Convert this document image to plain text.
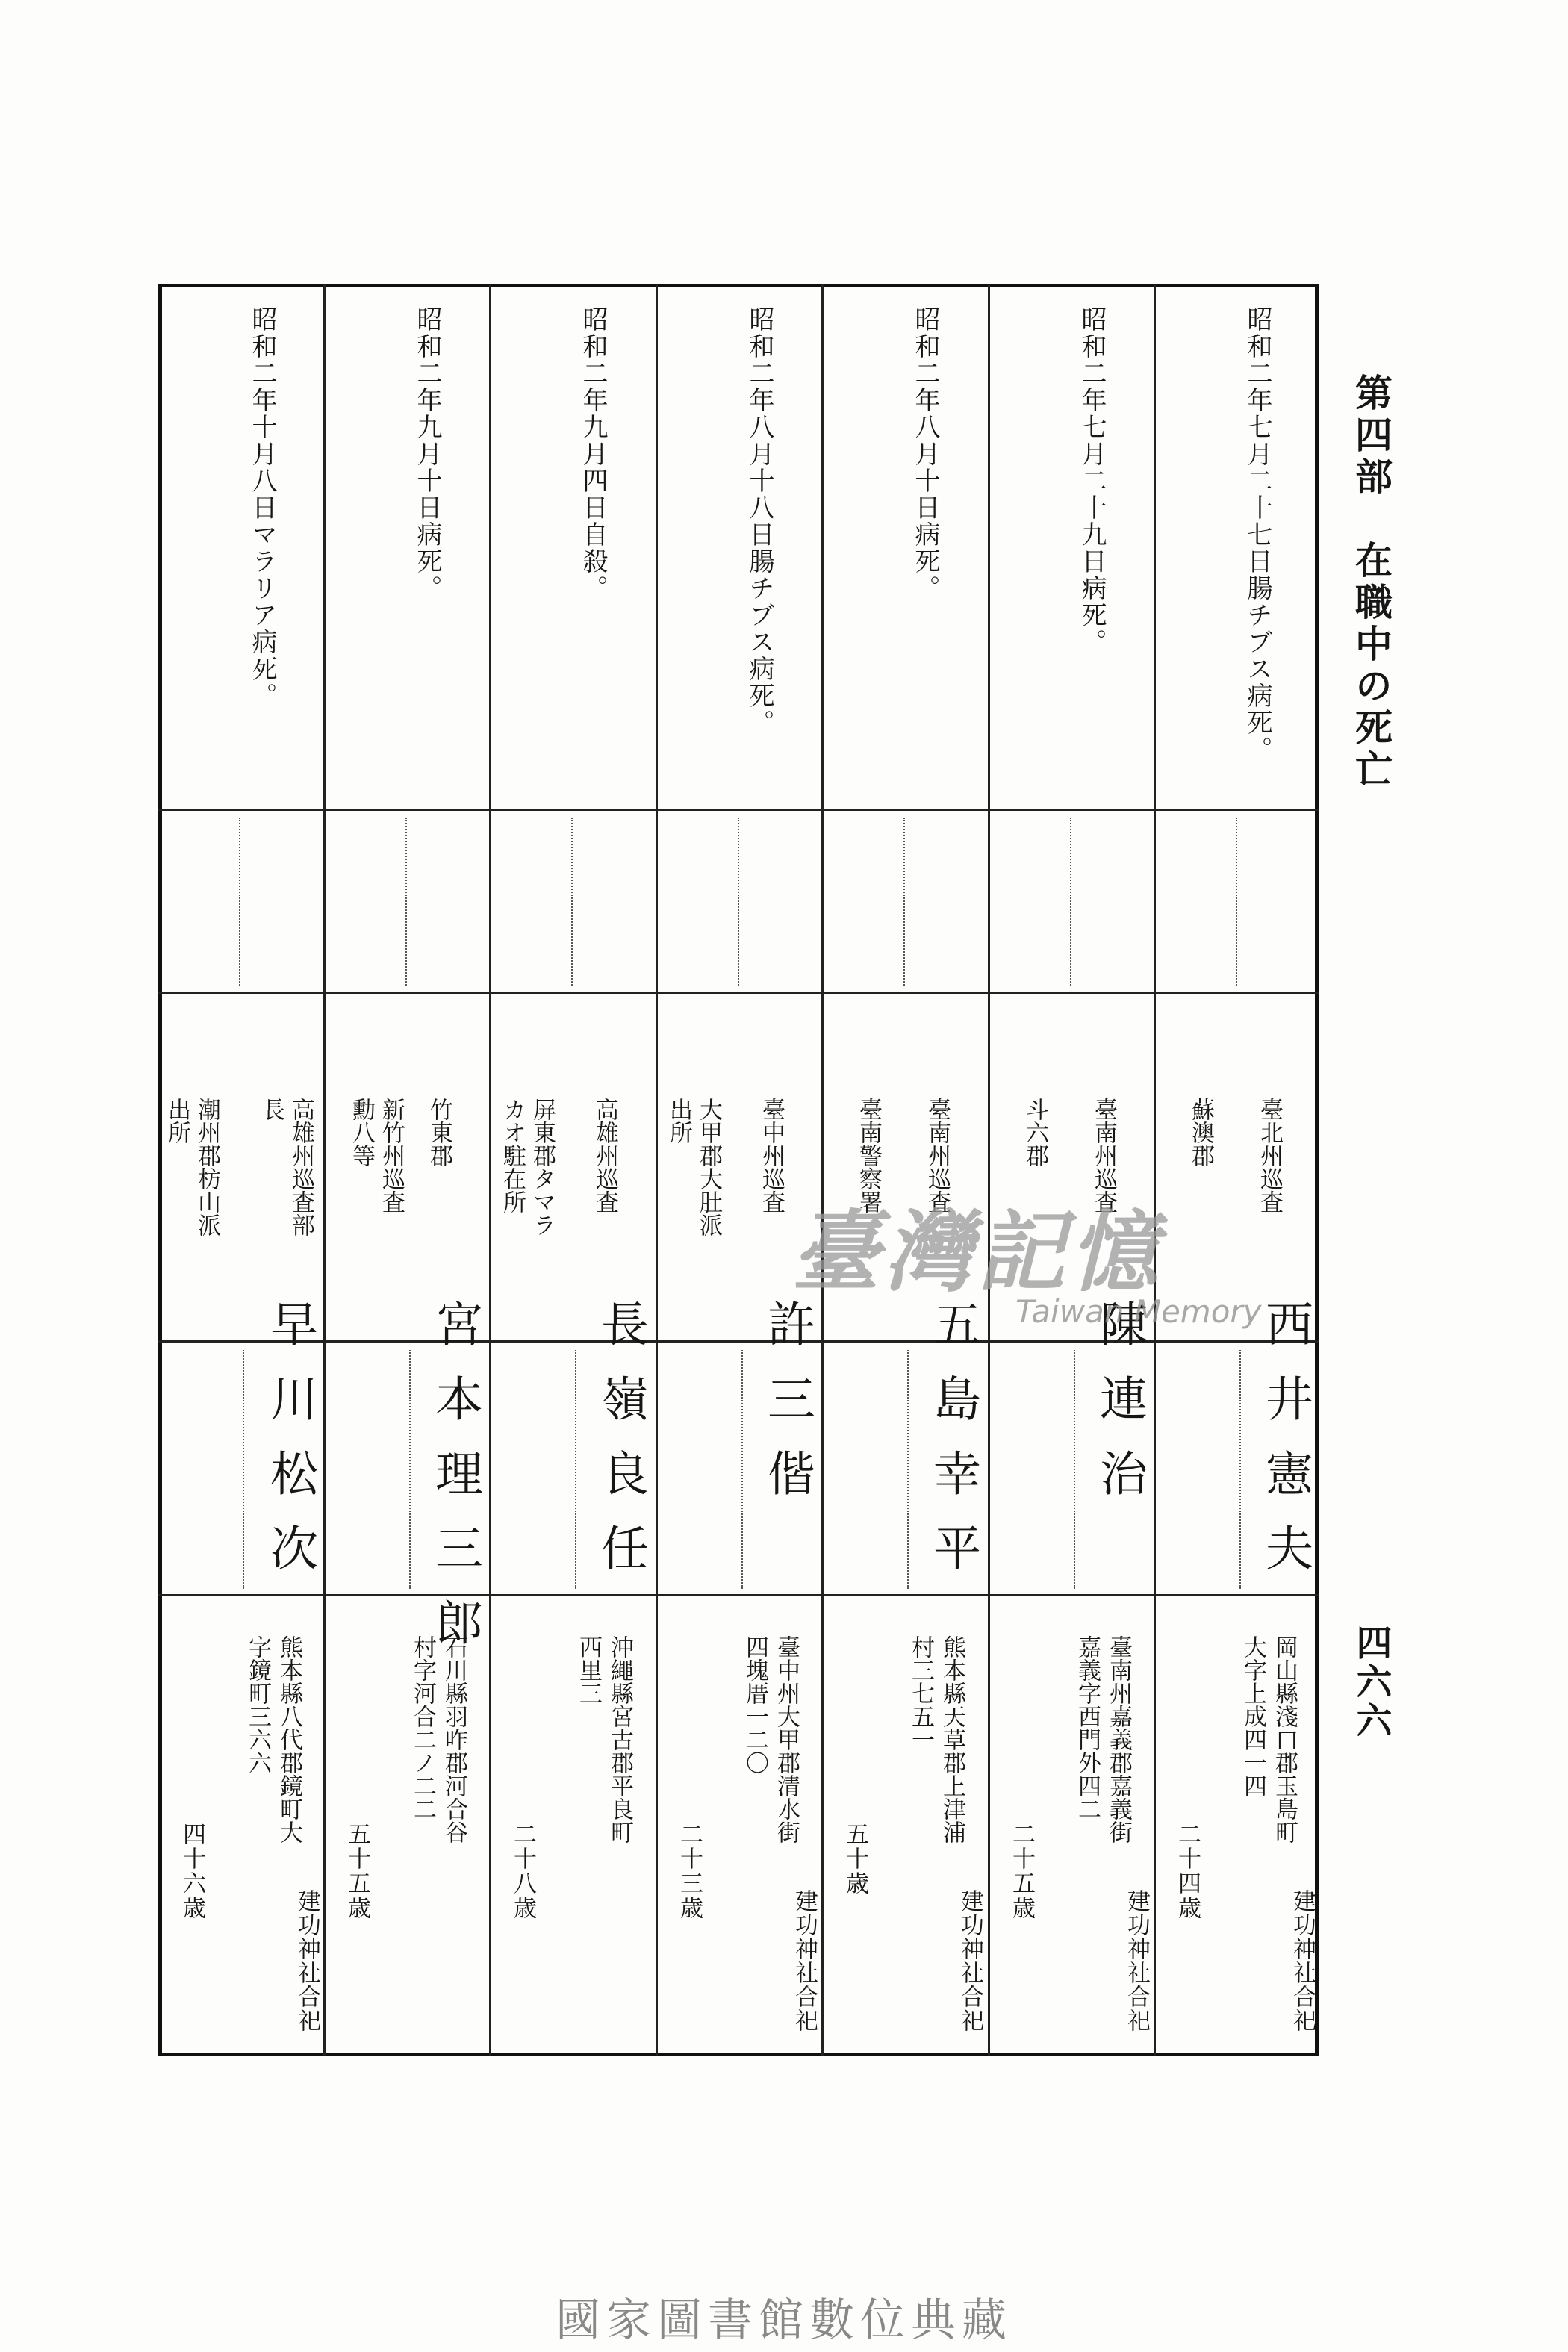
第四部　在職中の死亡
四六六
昭和二年七月二十七日腸チブス病死。
臺北州巡査
蘇澳郡
西井憲夫
岡山縣淺口郡玉島町
大字上成四一四
二十四歳
建功神社合祀
昭和二年七月二十九日病死。
臺南州巡査
斗六郡
陳連治
臺南州嘉義郡嘉義街
嘉義字西門外四二
二十五歳
建功神社合祀
昭和二年八月十日病死。
臺南州巡査
臺南警察署
五島幸平
熊本縣天草郡上津浦
村三七五一
五十歳
建功神社合祀
昭和二年八月十八日腸チブス病死。
臺中州巡査
大甲郡大肚派
出所
許三偕
臺中州大甲郡清水街
四塊厝一二〇
二十三歳
建功神社合祀
昭和二年九月四日自殺。
高雄州巡査
屏東郡タマラ
カオ駐在所
長嶺良任
沖繩縣宮古郡平良町
西里三
二十八歳
昭和二年九月十日病死。
新竹州巡査
勳八等 竹東郡
宮本理三郎
石川縣羽咋郡河合谷
村字河合二ノ二二
五十五歳
昭和二年十月八日マラリア病死。
高雄州巡査部
長
潮州郡枋山派
出所
早川松次
熊本縣八代郡鏡町大
字鏡町三六六
四十六歳
建功神社合祀
臺灣記憶
Taiwan Memory
國家圖書館數位典藏
